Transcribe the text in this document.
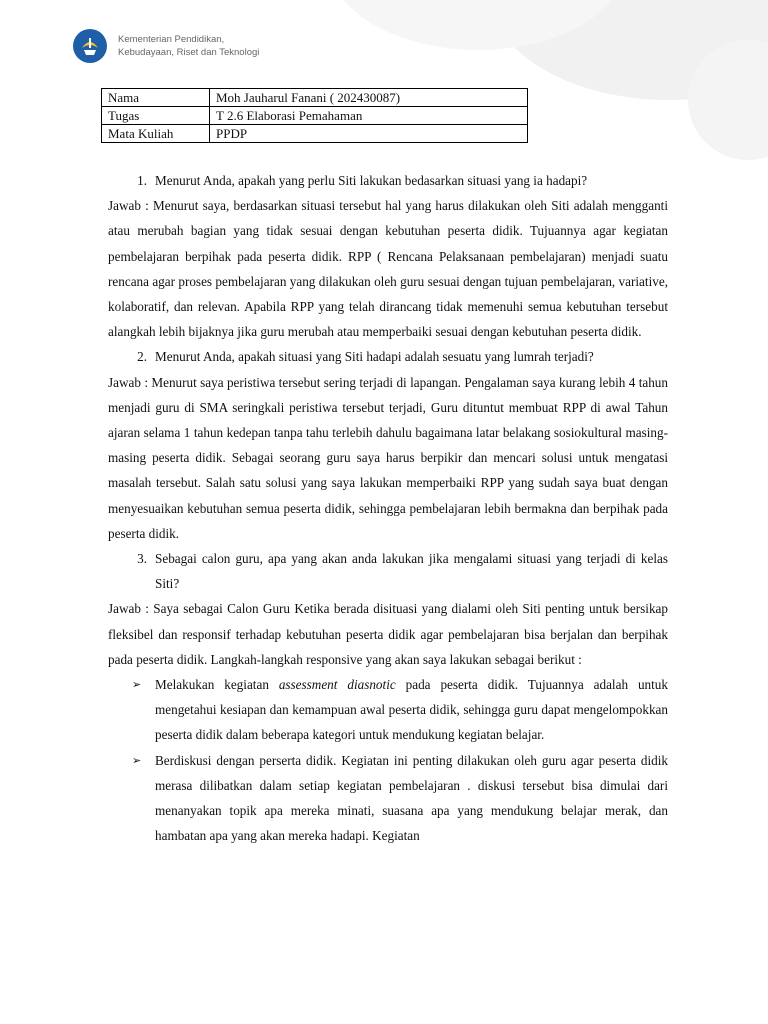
Kementerian Pendidikan,
Kebudayaan, Riset dan Teknologi
Nama	Moh Jauharul Fanani ( 202430087)
Tugas	T 2.6 Elaborasi Pemahaman
Mata Kuliah	PPDP
1. Menurut Anda, apakah yang perlu Siti lakukan bedasarkan situasi yang ia hadapi?

Jawab : Menurut saya, berdasarkan situasi tersebut hal yang harus dilakukan oleh Siti adalah mengganti atau merubah bagian yang tidak sesuai dengan kebutuhan peserta didik. Tujuannya agar kegiatan pembelajaran berpihak pada peserta didik. RPP ( Rencana Pelaksanaan pembelajaran) menjadi suatu rencana agar proses pembelajaran yang dilakukan oleh guru sesuai dengan tujuan pembelajaran, variative, kolaboratif, dan relevan. Apabila RPP yang telah dirancang tidak memenuhi semua kebutuhan tersebut alangkah lebih bijaknya jika guru merubah atau memperbaiki sesuai dengan kebutuhan peserta didik.

2. Menurut Anda, apakah situasi yang Siti hadapi adalah sesuatu yang lumrah terjadi?

Jawab : Menurut saya peristiwa tersebut sering terjadi di lapangan. Pengalaman saya kurang lebih 4 tahun menjadi guru di SMA seringkali peristiwa tersebut terjadi, Guru dituntut membuat RPP di awal Tahun ajaran selama 1 tahun kedepan tanpa tahu terlebih dahulu bagaimana latar belakang sosiokultural masing-masing peserta didik. Sebagai seorang guru saya harus berpikir dan mencari solusi untuk mengatasi masalah tersebut. Salah satu solusi yang saya lakukan memperbaiki RPP yang sudah saya buat dengan menyesuaikan kebutuhan semua peserta didik, sehingga pembelajaran lebih bermakna dan berpihak pada peserta didik.

3. Sebagai calon guru, apa yang akan anda lakukan jika mengalami situasi yang terjadi di kelas Siti?

Jawab : Saya sebagai Calon Guru Ketika berada disituasi yang dialami oleh Siti penting untuk bersikap fleksibel dan responsif terhadap kebutuhan peserta didik agar pembelajaran bisa berjalan dan berpihak pada peserta didik. Langkah-langkah responsive yang akan saya lakukan sebagai berikut :

➢	Melakukan kegiatan assessment diasnotic pada peserta didik. Tujuannya adalah untuk mengetahui kesiapan dan kemampuan awal peserta didik, sehingga guru dapat mengelompokkan peserta didik dalam beberapa kategori untuk mendukung kegiatan belajar.
➢	Berdiskusi dengan perserta didik. Kegiatan ini penting dilakukan oleh guru agar peserta didik merasa dilibatkan dalam setiap kegiatan pembelajaran . diskusi tersebut bisa dimulai dari menanyakan topik apa mereka minati, suasana apa yang mendukung belajar merak, dan hambatan apa yang akan mereka hadapi. Kegiatan
